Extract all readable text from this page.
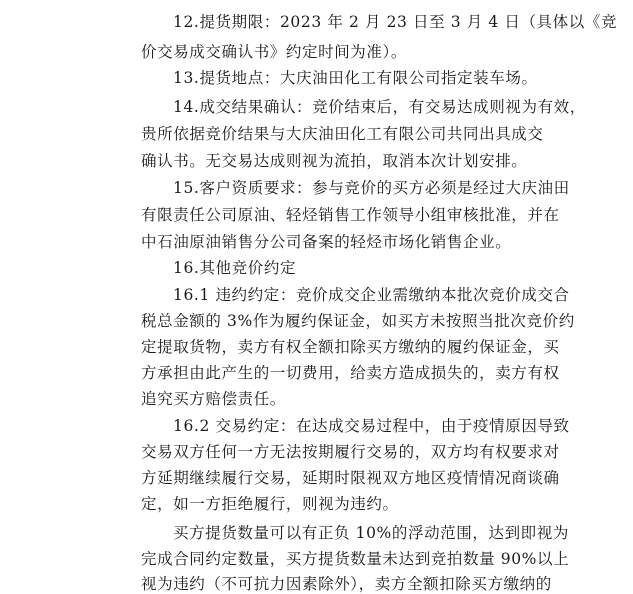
12.提货期限：2023 年 2 月 23 日至 3 月 4 日（具体以《竞
价交易成交确认书》约定时间为准）。
13.提货地点：大庆油田化工有限公司指定装车场。
14.成交结果确认：竞价结束后，有交易达成则视为有效，
贵所依据竞价结果与大庆油田化工有限公司共同出具成交
确认书。无交易达成则视为流拍，取消本次计划安排。
15.客户资质要求：参与竞价的买方必须是经过大庆油田
有限责任公司原油、轻烃销售工作领导小组审核批准，并在
中石油原油销售分公司备案的轻烃市场化销售企业。
16.其他竞价约定
16.1 违约约定：竞价成交企业需缴纳本批次竞价成交合
税总金额的 3%作为履约保证金，如买方未按照当批次竞价约
定提取货物，卖方有权全额扣除买方缴纳的履约保证金，买
方承担由此产生的一切费用，给卖方造成损失的，卖方有权
追究买方赔偿责任。
16.2 交易约定：在达成交易过程中，由于疫情原因导致
交易双方任何一方无法按期履行交易的，双方均有权要求对
方延期继续履行交易，延期时限视双方地区疫情情况商谈确
定，如一方拒绝履行，则视为违约。
买方提货数量可以有正负 10%的浮动范围，达到即视为
完成合同约定数量，买方提货数量未达到竞拍数量 90%以上
视为违约（不可抗力因素除外），卖方全额扣除买方缴纳的
